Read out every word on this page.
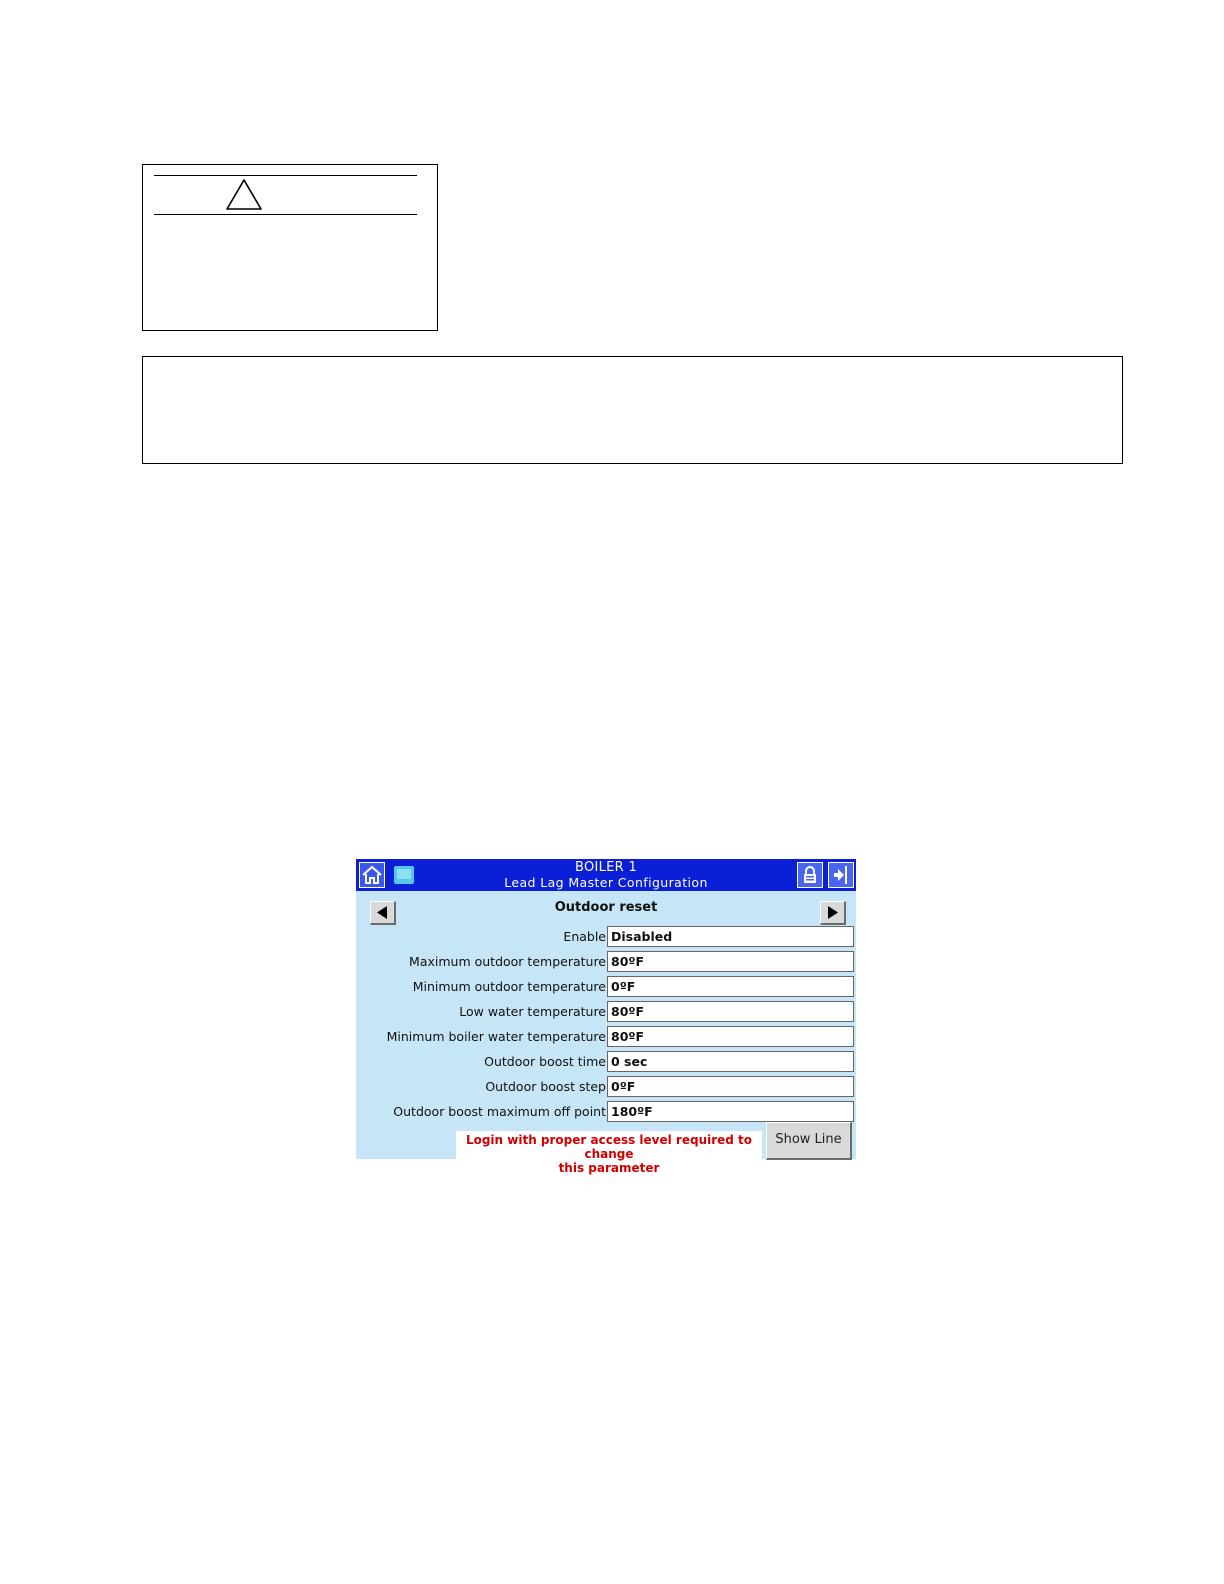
BOILER 1
Lead Lag Master Configuration
Outdoor reset
Enable Disabled
Maximum outdoor temperature 80ºF
Minimum outdoor temperature 0ºF
Low water temperature 80ºF
Minimum boiler water temperature 80ºF
Outdoor boost time 0 sec
Outdoor boost step 0ºF
Outdoor boost maximum off point 180ºF
Login with proper access level required to change
this parameter
Show Line
